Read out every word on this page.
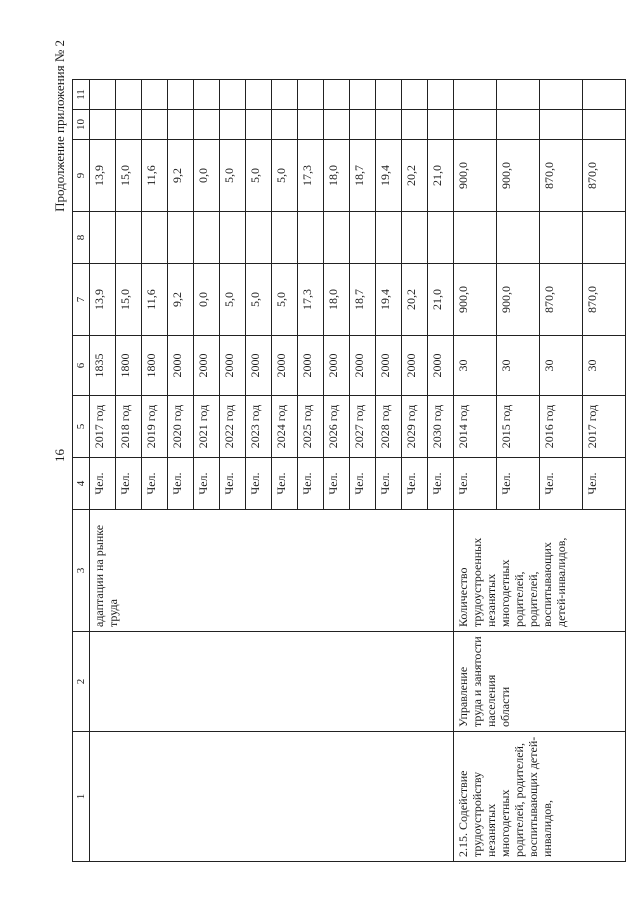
16
Продолжение приложения № 2
1	2	3	4	5	6	7	8	9	10	11
		адаптации на рынке труда	Чел.	2017 год	1835	13,9		13,9		
			Чел.	2018 год	1800	15,0		15,0		
			Чел.	2019 год	1800	11,6		11,6		
			Чел.	2020 год	2000	9,2		9,2		
			Чел.	2021 год	2000	0,0		0,0		
			Чел.	2022 год	2000	5,0		5,0		
			Чел.	2023 год	2000	5,0		5,0		
			Чел.	2024 год	2000	5,0		5,0		
			Чел.	2025 год	2000	17,3		17,3		
			Чел.	2026 год	2000	18,0		18,0		
			Чел.	2027 год	2000	18,7		18,7		
			Чел.	2028 год	2000	19,4		19,4		
			Чел.	2029 год	2000	20,2		20,2		
			Чел.	2030 год	2000	21,0		21,0		
2.15. Содействие трудоустройству незанятых многодетных родителей, родителей, воспитывающих детей-инвалидов,	Управление труда и занятости населения области	Количество трудоустроенных незанятых многодетных родителей, родителей, воспитывающих детей-инвалидов,	Чел.	2014 год	30	900,0		900,0		
			Чел.	2015 год	30	900,0		900,0		
			Чел.	2016 год	30	870,0		870,0		
			Чел.	2017 год	30	870,0		870,0		
